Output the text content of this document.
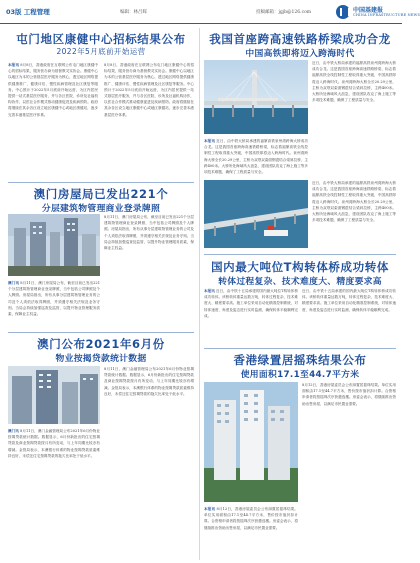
03版 工程管理	编辑：林吕晖	投稿邮箱：jgjb@126.com	中国基建报
CHINA INFRASTRUCTURE NEWS
屯门地区康健中心招标结果公布
2022年5月底前开始运营
本报讯 8月8日，香港政府在互联网公布屯门地区康健中心的招标结果，服务营办商为基督教灵实协会。康健中心以地区为本的公营基层医疗服务为核心，透过地区网络提供健康推广、健康评估、慢性疾病管理及社区康复等服务。中心预计于2022年5月底前开始运营，为区内居民提供一站式基层医疗服务，并与各区医院、诊所及社福机构协作，以医社合作模式推动健康促进及疾病预防。政府将继续在其余各区设立地区康健中心或地区康健站，逐步完善本港基层医疗体系。
8月8日，香港政府在互联网公布屯门地区康健中心的招标结果，服务营办商为基督教灵实协会。康健中心以地区为本的公营基层医疗服务为核心，透过地区网络提供健康推广、健康评估、慢性疾病管理及社区康复等服务。中心预计于2022年5月底前开始运营，为区内居民提供一站式基层医疗服务，并与各区医院、诊所及社福机构协作，以医社合作模式推动健康促进及疾病预防。政府将继续在其余各区设立地区康健中心或地区康健站，逐步完善本港基层医疗体系。
澳门房屋局已发出221个
分层建筑物管理商业登录牌照
澳门讯 8月11日，澳门房屋局公布，截至目前已发出221个分层建筑物管理商业登录牌照，当中包括公司牌照及个人牌照。房屋局指出，所有从事分层建筑物管理业务的公司及个人须依法取得牌照，并须遵守相关法规及业务守则。当局会持续加强巡查及监管，以提升物业管理服务质素，保障业主权益。
8月11日，澳门房屋局公布，截至目前已发出221个分层建筑物管理商业登录牌照，当中包括公司牌照及个人牌照。房屋局指出，所有从事分层建筑物管理业务的公司及个人须依法取得牌照，并须遵守相关法规及业务守则。当局会持续加强巡查及监管，以提升物业管理服务质素，保障业主权益。
澳门公布2021年6月份
物业按揭贷款统计数据
澳门讯 8月11日，澳门金融管理局公布2021年6月份物业按揭贷款统计数据。数据显示，6月份新批出的住宅按揭贷款及商业按揭贷款按月有所变动，与上年同期比较亦有增减。金管局表示，本澳银行体系的物业按揭贷款质素维持良好，未偿还住宅按揭贷款的拖欠比率处于低水平。
8月11日，澳门金融管理局公布2021年6月份物业按揭贷款统计数据。数据显示，6月份新批出的住宅按揭贷款及商业按揭贷款按月有所变动，与上年同期比较亦有增减。金管局表示，本澳银行体系的物业按揭贷款质素维持良好，未偿还住宅按揭贷款的拖欠比率处于低水平。
我国首座跨高速铁路桥梁成功合龙
中国高铁即将迈入跨海时代
本报讯 近日，由中铁大桥局承建的福厦高铁泉州湾跨海大桥成功合龙。这是我国首座跨海高速铁路桥梁，标志着福厦高铁全线控制性工程取得重大突破，中国高铁即将迈入跨海时代。泉州湾跨海大桥全长20.29公里，主桥为双塔双索面钢混结合梁斜拉桥，主跨400米。大桥所处海域风大浪急，建设团队攻克了海上施工等多项技术难题，确保了工程质量与安全。
近日，由中铁大桥局承建的福厦高铁泉州湾跨海大桥成功合龙。这是我国首座跨海高速铁路桥梁，标志着福厦高铁全线控制性工程取得重大突破，中国高铁即将迈入跨海时代。泉州湾跨海大桥全长20.29公里，主桥为双塔双索面钢混结合梁斜拉桥，主跨400米。大桥所处海域风大浪急，建设团队攻克了海上施工等多项技术难题，确保了工程质量与安全。
近日，由中铁大桥局承建的福厦高铁泉州湾跨海大桥成功合龙。这是我国首座跨海高速铁路桥梁，标志着福厦高铁全线控制性工程取得重大突破，中国高铁即将迈入跨海时代。泉州湾跨海大桥全长20.29公里，主桥为双塔双索面钢混结合梁斜拉桥，主跨400米。大桥所处海域风大浪急，建设团队攻克了海上施工等多项技术难题，确保了工程质量与安全。
国内最大吨位T构转体桥成功转体
转体过程复杂、技术难度大、精度要求高
本报讯 近日，由中铁十五局承建的国内最大吨位T构转体桥成功转体。该桥转体重量达数万吨，转体过程复杂、技术难度大、精度要求高。施工单位采用自动化精准控制系统，对转体速度、角度及姿态进行实时监测，确保转体平稳顺利完成。
近日，由中铁十五局承建的国内最大吨位T构转体桥成功转体。该桥转体重量达数万吨，转体过程复杂、技术难度大、精度要求高。施工单位采用自动化精准控制系统，对转体速度、角度及姿态进行实时监测，确保转体平稳顺利完成。
香港绿置居摇珠结果公布
使用面积17.1至44.7平方米
本报讯 8月12日，香港房屋委员会公布绿置居摇珠结果。单位实用面积由17.1至44.7平方米，售价按市值折扣计算。合资格申请者将按摇珠次序获邀选楼。房委会表示，将继续推出资助出售房屋，以满足市民置业需要。
8月12日，香港房屋委员会公布绿置居摇珠结果。单位实用面积由17.1至44.7平方米，售价按市值折扣计算。合资格申请者将按摇珠次序获邀选楼。房委会表示，将继续推出资助出售房屋，以满足市民置业需要。
